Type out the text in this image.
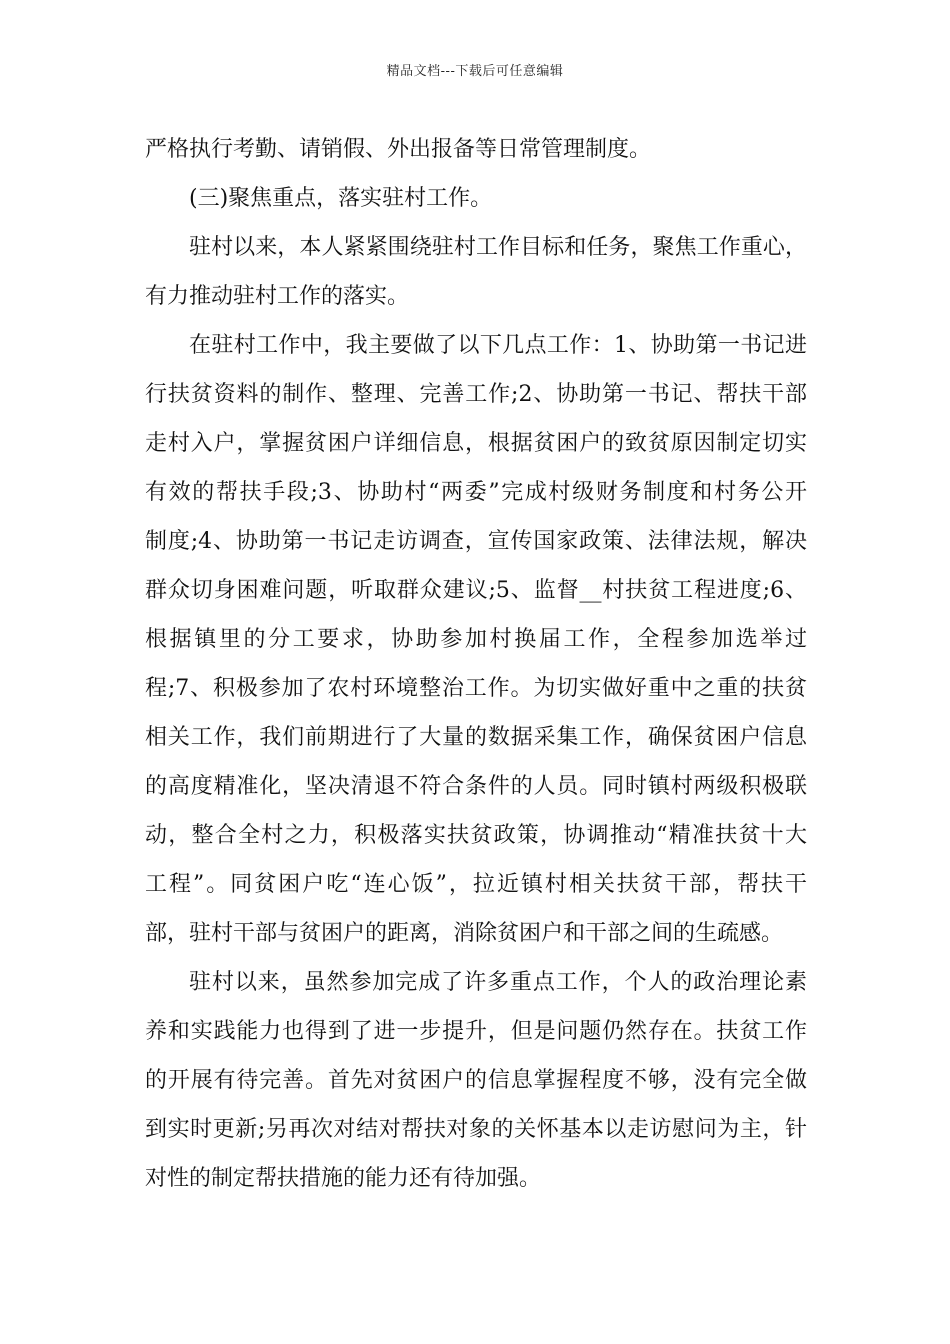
精品文档---下载后可任意编辑

严格执行考勤、请销假、外出报备等日常管理制度。

(三)聚焦重点，落实驻村工作。

驻村以来，本人紧紧围绕驻村工作目标和任务，聚焦工作重心，
有力推动驻村工作的落实。

在驻村工作中，我主要做了以下几点工作：1、协助第一书记进
行扶贫资料的制作、整理、完善工作;2、协助第一书记、帮扶干部
走村入户，掌握贫困户详细信息，根据贫困户的致贫原因制定切实
有效的帮扶手段;3、协助村“两委”完成村级财务制度和村务公开
制度;4、协助第一书记走访调查，宣传国家政策、法律法规，解决
群众切身困难问题，听取群众建议;5、监督__村扶贫工程进度;6、
根据镇里的分工要求，协助参加村换届工作，全程参加选举过
程;7、积极参加了农村环境整治工作。为切实做好重中之重的扶贫
相关工作，我们前期进行了大量的数据采集工作，确保贫困户信息
的高度精准化，坚决清退不符合条件的人员。同时镇村两级积极联
动，整合全村之力，积极落实扶贫政策，协调推动“精准扶贫十大
工程”。同贫困户吃“连心饭”，拉近镇村相关扶贫干部，帮扶干
部，驻村干部与贫困户的距离，消除贫困户和干部之间的生疏感。

驻村以来，虽然参加完成了许多重点工作，个人的政治理论素
养和实践能力也得到了进一步提升，但是问题仍然存在。扶贫工作
的开展有待完善。首先对贫困户的信息掌握程度不够，没有完全做
到实时更新;另再次对结对帮扶对象的关怀基本以走访慰问为主，针
对性的制定帮扶措施的能力还有待加强。
